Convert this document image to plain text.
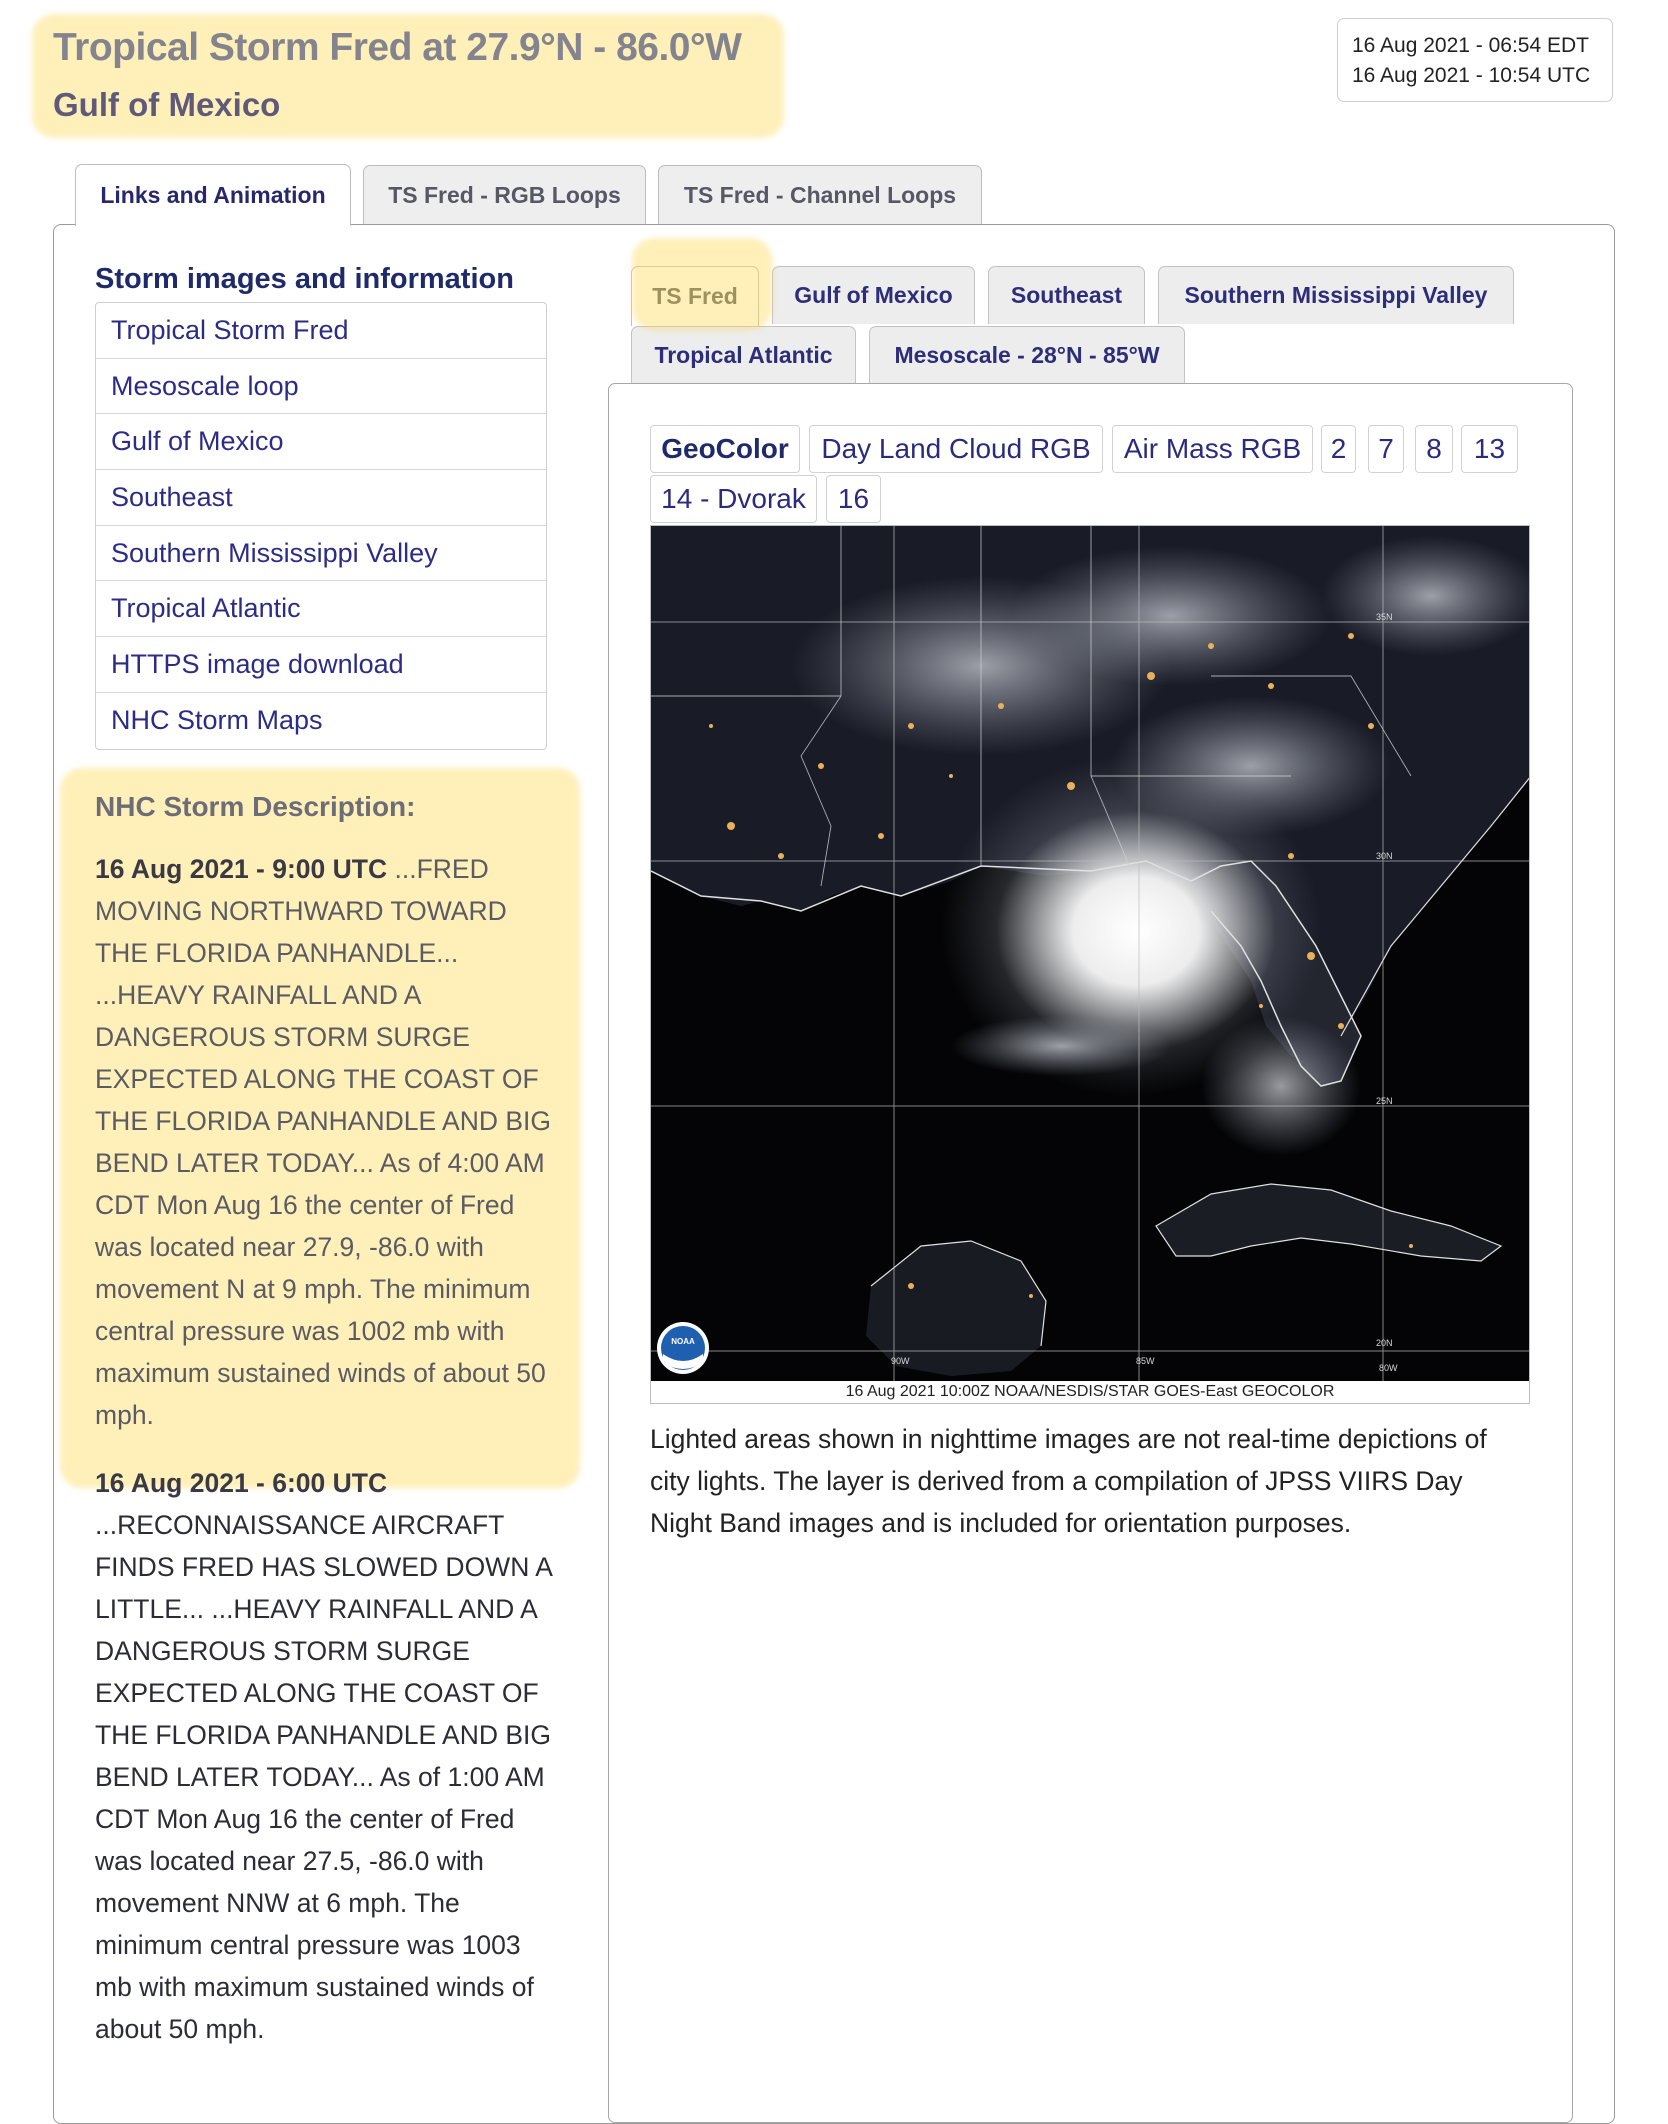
Tropical Storm Fred at 27.9°N - 86.0°W
Gulf of Mexico
16 Aug 2021 - 06:54 EDT
16 Aug 2021 - 10:54 UTC
Links and Animation	TS Fred - RGB Loops	TS Fred - Channel Loops
Storm images and information
Tropical Storm Fred
Mesoscale loop
Gulf of Mexico
Southeast
Southern Mississippi Valley
Tropical Atlantic
HTTPS image download
NHC Storm Maps
NHC Storm Description:
16 Aug 2021 - 9:00 UTC ...FRED MOVING NORTHWARD TOWARD THE FLORIDA PANHANDLE... ...HEAVY RAINFALL AND A DANGEROUS STORM SURGE EXPECTED ALONG THE COAST OF THE FLORIDA PANHANDLE AND BIG BEND LATER TODAY... As of 4:00 AM CDT Mon Aug 16 the center of Fred was located near 27.9, -86.0 with movement N at 9 mph. The minimum central pressure was 1002 mb with maximum sustained winds of about 50 mph.
16 Aug 2021 - 6:00 UTC ...RECONNAISSANCE AIRCRAFT FINDS FRED HAS SLOWED DOWN A LITTLE... ...HEAVY RAINFALL AND A DANGEROUS STORM SURGE EXPECTED ALONG THE COAST OF THE FLORIDA PANHANDLE AND BIG BEND LATER TODAY... As of 1:00 AM CDT Mon Aug 16 the center of Fred was located near 27.5, -86.0 with movement NNW at 6 mph. The minimum central pressure was 1003 mb with maximum sustained winds of about 50 mph.
TS Fred	Gulf of Mexico	Southeast	Southern Mississippi Valley
Tropical Atlantic	Mesoscale - 28°N - 85°W
GeoColor	Day Land Cloud RGB	Air Mass RGB	2	7	8	13
14 - Dvorak	16
35N
30N
25N
20N
90W	85W
80W
NOAA
16 Aug 2021 10:00Z NOAA/NESDIS/STAR GOES-East GEOCOLOR
Lighted areas shown in nighttime images are not real-time depictions of city lights. The layer is derived from a compilation of JPSS VIIRS Day Night Band images and is included for orientation purposes.
